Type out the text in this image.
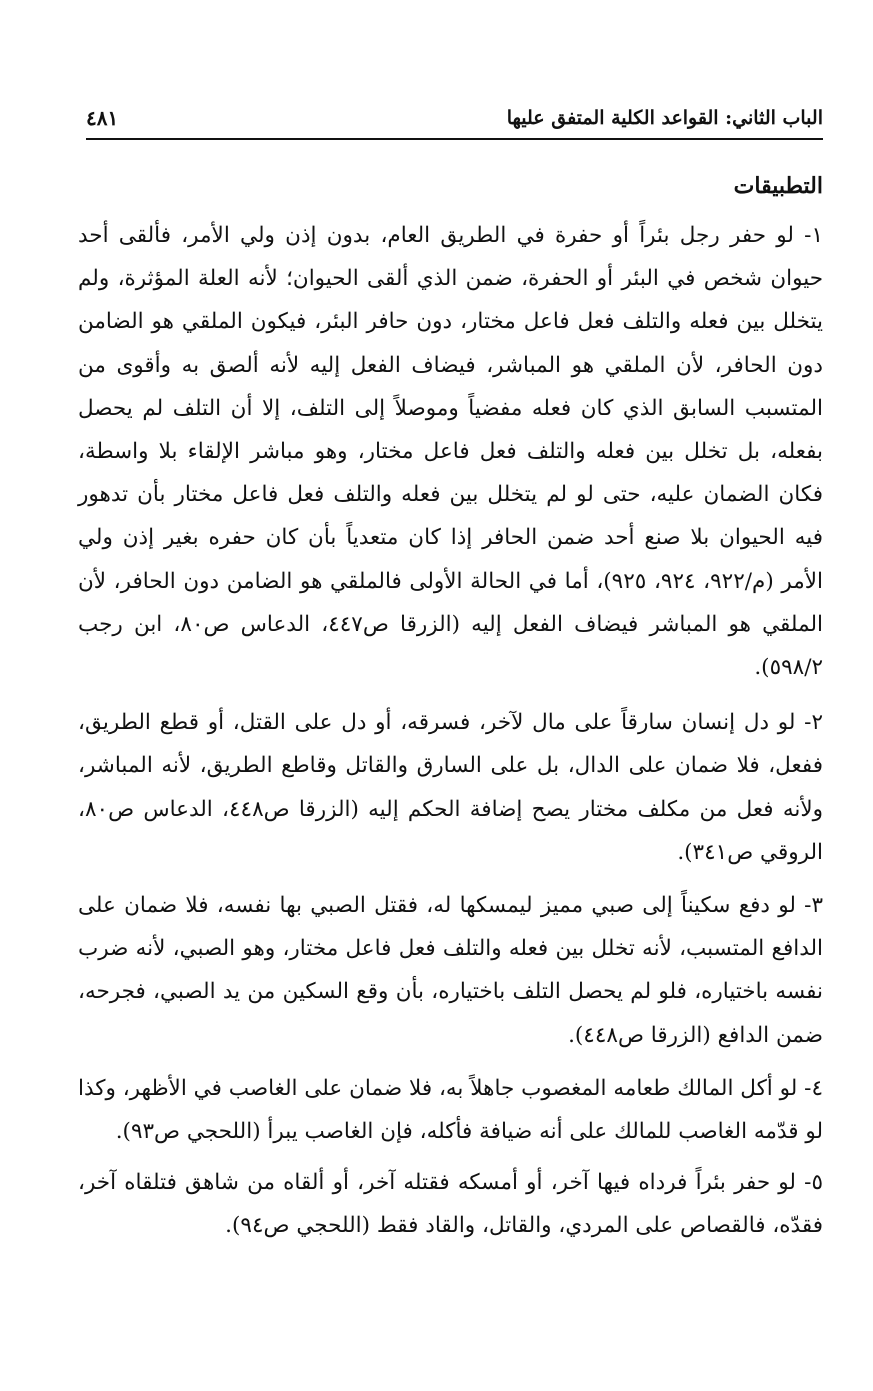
الباب الثاني: القواعد الكلية المتفق عليها
٤٨١
التطبيقات

١- لو حفر رجل بئراً أو حفرة في الطريق العام، بدون إذن ولي الأمر، فألقى أحد حيوان شخص في البئر أو الحفرة، ضمن الذي ألقى الحيوان؛ لأنه العلة المؤثرة، ولم يتخلل بين فعله والتلف فعل فاعل مختار، دون حافر البئر، فيكون الملقي هو الضامن دون الحافر، لأن الملقي هو المباشر، فيضاف الفعل إليه لأنه ألصق به وأقوى من المتسبب السابق الذي كان فعله مفضياً وموصلاً إلى التلف، إلا أن التلف لم يحصل بفعله، بل تخلل بين فعله والتلف فعل فاعل مختار، وهو مباشر الإلقاء بلا واسطة، فكان الضمان عليه، حتى لو لم يتخلل بين فعله والتلف فعل فاعل مختار بأن تدهور فيه الحيوان بلا صنع أحد ضمن الحافر إذا كان متعدياً بأن كان حفره بغير إذن ولي الأمر (م/٩٢٢، ٩٢٤، ٩٢٥)، أما في الحالة الأولى فالملقي هو الضامن دون الحافر، لأن الملقي هو المباشر فيضاف الفعل إليه (الزرقا ص٤٤٧، الدعاس ص٨٠، ابن رجب ٥٩٨/٢).

٢- لو دل إنسان سارقاً على مال لآخر، فسرقه، أو دل على القتل، أو قطع الطريق، ففعل، فلا ضمان على الدال، بل على السارق والقاتل وقاطع الطريق، لأنه المباشر، ولأنه فعل من مكلف مختار يصح إضافة الحكم إليه (الزرقا ص٤٤٨، الدعاس ص٨٠، الروقي ص٣٤١).

٣- لو دفع سكيناً إلى صبي مميز ليمسكها له، فقتل الصبي بها نفسه، فلا ضمان على الدافع المتسبب، لأنه تخلل بين فعله والتلف فعل فاعل مختار، وهو الصبي، لأنه ضرب نفسه باختياره، فلو لم يحصل التلف باختياره، بأن وقع السكين من يد الصبي، فجرحه، ضمن الدافع (الزرقا ص٤٤٨).

٤- لو أكل المالك طعامه المغصوب جاهلاً به، فلا ضمان على الغاصب في الأظهر، وكذا لو قدّمه الغاصب للمالك على أنه ضيافة فأكله، فإن الغاصب يبرأ (اللحجي ص٩٣).

٥- لو حفر بئراً فرداه فيها آخر، أو أمسكه فقتله آخر، أو ألقاه من شاهق فتلقاه آخر، فقدّه، فالقصاص على المردي، والقاتل، والقاد فقط (اللحجي ص٩٤).
